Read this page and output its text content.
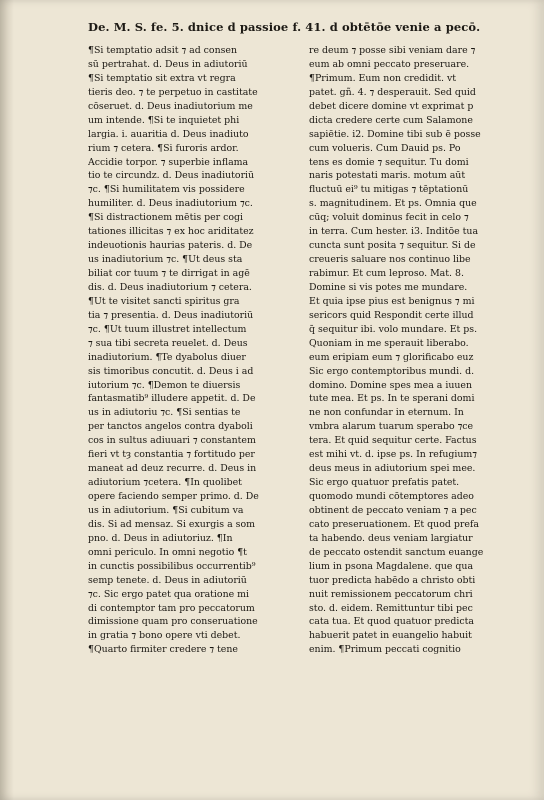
De. M. S. fe. 5. dnice d passioe f. 41. d obtētōe venie a pecō.
¶Si temptatio adsit ⁊ ad consen
sū pertrahat. d. Deus in adiutoriū
¶Si temptatio sit extra vt regra
tieris deo. ⁊ te perpetuo in castitate
cōseruet. d. Deus inadiutorium me
um intende. ¶Si te inquietet phi
largia. i. auaritia d. Deus inadiuto
rium ⁊ cetera. ¶Si furoris ardor.
Accidie torpor. ⁊ superbie inflama
tio te circundz. d. Deus inadiutoriū
⁊c. ¶Si humilitatem vis possidere
humiliter. d. Deus inadiutorium ⁊c.
¶Si distractionem mētis per cogi
tationes illicitas ⁊ ex hoc ariditatez
indeuotionis haurias pateris. d. De
us inadiutorium ⁊c. ¶Ut deus sta
biliat cor tuum ⁊ te dirrigat in agē
dis. d. Deus inadiutorium ⁊ cetera.
¶Ut te visitet sancti spiritus gra
tia ⁊ presentia. d. Deus inadiutoriū
⁊c. ¶Ut tuum illustret intellectum
⁊ sua tibi secreta reuelet. d. Deus
inadiutorium. ¶Te dyabolus diuer
sis timoribus concutit. d. Deus i ad
iutorium ⁊c. ¶Demon te diuersis
fantasmatib⁹ illudere appetit. d. De
us in adiutoriu ⁊c. ¶Si sentias te
per tanctos angelos contra dyaboli
cos in sultus adiuuari ⁊ constantem
fieri vt tȝ constantia ⁊ fortitudo per
maneat ad deuz recurre. d. Deus in
adiutorium ⁊cetera. ¶In quolibet
opere faciendo semper primo. d. De
us in adiutorium. ¶Si cubitum va
dis. Si ad mensaz. Si exurgis a som
pno. d. Deus in adiutoriuz. ¶In
omni periculo. In omni negotio ¶t
in cunctis possibilibus occurrentib⁹
semp tenete. d. Deus in adiutoriū
⁊c. Sic ergo patet qua oratione mi
di contemptor tam pro peccatorum
dimissione quam pro conseruatione
in gratia ⁊ bono opere vti debet.
¶Quarto firmiter credere ⁊ tene
re deum ⁊ posse sibi veniam dare ⁊
eum ab omni peccato preseruare.
¶Primum. Eum non credidit. vt
patet. gñ. 4. ⁊ desperauit. Sed quid
debet dicere domine vt exprimat p
dicta credere certe cum Salamone
sapiētie. i2. Domine tibi sub ē posse
cum volueris. Cum Dauid ps. Po
tens es domie ⁊ sequitur. Tu domi
naris potestati maris. motum aūt
fluctuū ei⁹ tu mitigas ⁊ tēptationū
s. magnitudinem. Et ps. Omnia que
cūq; voluit dominus fecit in celo ⁊
in terra. Cum hester. i3. Inditōe tua
cuncta sunt posita ⁊ sequitur. Si de
creueris saluare nos continuo libe
rabimur. Et cum leproso. Mat. 8.
Domine si vis potes me mundare.
Et quia ipse pius est benignus ⁊ mi
sericors quid Respondit certe illud
q̄ sequitur ibi. volo mundare. Et ps.
Quoniam in me sperauit liberabo.
eum eripiam eum ⁊ glorificabo euz
Sic ergo contemptoribus mundi. d.
domino. Domine spes mea a iuuen
tute mea. Et ps. In te sperani domi
ne non confundar in eternum. In
vmbra alarum tuarum sperabo ⁊ce
tera. Et quid sequitur certe. Factus
est mihi vt. d. ipse ps. In refugium⁊
deus meus in adiutorium spei mee.
Sic ergo quatuor prefatis patet.
quomodo mundi cōtemptores adeo
obtinent de peccato veniam ⁊ a pec
cato preseruationem. Et quod prefa
ta habendo. deus veniam largiatur
de peccato ostendit sanctum euange
lium in psona Magdalene. que qua
tuor predicta habēdo a christo obti
nuit remissionem peccatorum chri
sto. d. eidem. Remittuntur tibi pec
cata tua. Et quod quatuor predicta
habuerit patet in euangelio habuit
enim. ¶Primum peccati cognitio
